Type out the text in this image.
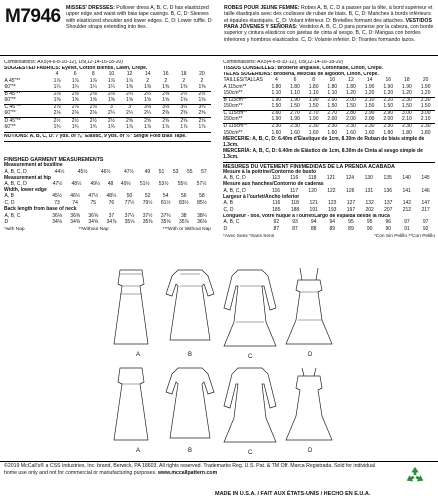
M7946 MISSES' DRESSES: Pullover dress A, B, C, D has elasticized upper edge and waist with bias tape casings. B, C, D: Sleeves with elasticized shoulder and lower edges. C, D: Lower ruffle. D: Shoulder straps extending into ties.
ROBES POUR JEUNE FEMME: Robes A, B, C, D à passer par la tête, à bord supérieur et taille élastiqués avec des coulisses de ruban de biais. B, C, D: Manches à bords inférieurs et épaules élastiqués. C, D: Volant inférieur. D: Bretelles formant des attaches. VESTIDOS PARA JÓVENES Y SEÑORAS: Vestidos A, B, C, D para ponerse por la cabeza, con borde superior y cintura elásticos con jaretas de cinta al sesgo. B, C, D: Mangas con bordes inferiores y hombros elasticados. C, D: Volante inferior. D: Tirantes formando lazos.
Combinations: AX5(4-6-8-10-12), D5(12-14-16-18-20)
SUGGESTED FABRICS: Eyelet, Cotton Blends, Lawn, Crepe.
	4	6	8	10	12	14	16	18	20
A 45"**	1⅞	1⅞	1⅞	1⅞	1⅞	2	2	2	2
60"**	1¼	1¼	1¼	1¼	1⅜	1⅜	1⅜	1⅜	1⅜
B 45"**	2⅛	2⅛	2⅛	2⅛	2¼	2¼	2⅜	2½	2½
60"**	1⅝	1⅝	1⅝	1⅝	1⅝	1⅝	1⅝	1⅝	1⅝
C 45"**	2⅞	2⅞	2⅞	3	3	3⅛	3⅛	3¼	3¼
60"**	2⅛	2⅛	2⅛	2¼	2¼	2¼	2⅜	2⅜	2⅜
D 45"**	2½	2½	2½	2½	2⅝	2⅝	2⅝	2⅝	2⅝
60"**	1¾	1¾	1¾	1¾	1⅞	1⅞	1⅞	1⅞	1⅞
NOTIONS: A, B, C, D: 7 yds. of ⅜" Elastic, 9 yds. of ½" Single Fold Bias Tape.
FINISHED GARMENT MEASUREMENTS
Measurement at bustline
A, B, C, D	44½	45½	46½	47½	49	51	53	55	57
Measurement at hip
A, B, C, D	47½	48½	49½	48	49½	51½	53½	55½	57½
Width, lower edge
A, B	45½	46½	47½	48½	50	52	54	56	58
C, D	73	74	75	76	77½	79½	81½	83½	85½
Back length from base of neck
A, B, C	36⅛	36⅜	36⅝	37	37¼	37½	37¾	38	38¼
D	34⅛	34⅜	34⅝	34⅞	35⅛	35⅜	35⅝	35⅞	36⅛
*with Nap	**Without Nap	***With or Without Nap
Combinaisons: AX5(4-6-8-10-12), D5(12-14-16-18-20)
TISSUS CONSEILLÉS: Broderie anglaise, Cotonnade, Linon, Crêpe.
TELAS SUGERIDAS: Brodería, Mezclas de algodón, Linón, Crepé.
TAILLES/TALLAS	4	6	8	10	12	14	16	18	20
A 115cm**	1.80	1.80	1.80	1.80	1.80	1.90	1.90	1.90	1.90
150cm**	1.10	1.10	1.10	1.10	1.20	1.20	1.20	1.20	1.20
B 115cm**	1.90	1.90	1.90	2.00	2.00	2.10	2.20	2.30	2.30
150cm**	1.50	1.50	1.50	1.50	1.50	1.50	1.50	1.50	1.50
C 115cm**	2.60	2.70	2.70	2.70	2.80	2.90	2.90	3.00	3.00
150cm**	1.90	1.90	1.90	2.00	2.00	2.00	2.00	2.10	2.10
D 115cm**	2.30	2.30	2.30	2.30	2.30	2.30	2.30	2.30	2.30
150cm**	1.60	1.60	1.60	1.60	1.60	1.60	1.80	1.80	1.80
MERCERIE: A, B, C, D: 6.40m d'Élastique de 1cm, 8.30m de Ruban de biais simple de 1.3cm.
MERCERÍA: A, B, C, D: 6.40m de Elástico de 1cm, 8.30m de Cinta al sesgo simple de 1.3cm.
MESURES DU VÊTEMENT FINI/MEDIDAS DE LA PRENDA ACABADA
Mesure à la poitrine/Contorno de busto
A, B, C, D	113	116	118	121	124	130	135	140	145
Mesure aux hanches/Contorno de caderas
A, B, C, D	116	117	120	122	126	131	136	141	146
Largeur à l'ourlet/Ancho inferior
A, B	116	118	121	123	127	132	137	142	147
C, D	185	188	191	193	197	202	207	212	217
Longueur - dos, votre nuque à l'ourlet/Largo de espalda desde la nuca
A, B, C	92	93	94	94	95	95	96	97	97
D	87	87	88	89	89	90	90	91	92
*Avec Sens *Sans Sens	*Con Sin Pelillo **Con Pelillo
A	B	C	D
A	B	C	D
©2019 McCall's® a CSS Industries, Inc. brand, Berwick, PA 18603. All rights reserved. Trademarks Reg. U.S. Pat. & TM Off. Marca Registrada. Sold for individual home use only and not for commercial or manufacturing purposes. www.mccallpattern.com
MADE IN U.S.A. / FAIT AUX ÉTATS-UNIS / HECHO EN E.U.A.
